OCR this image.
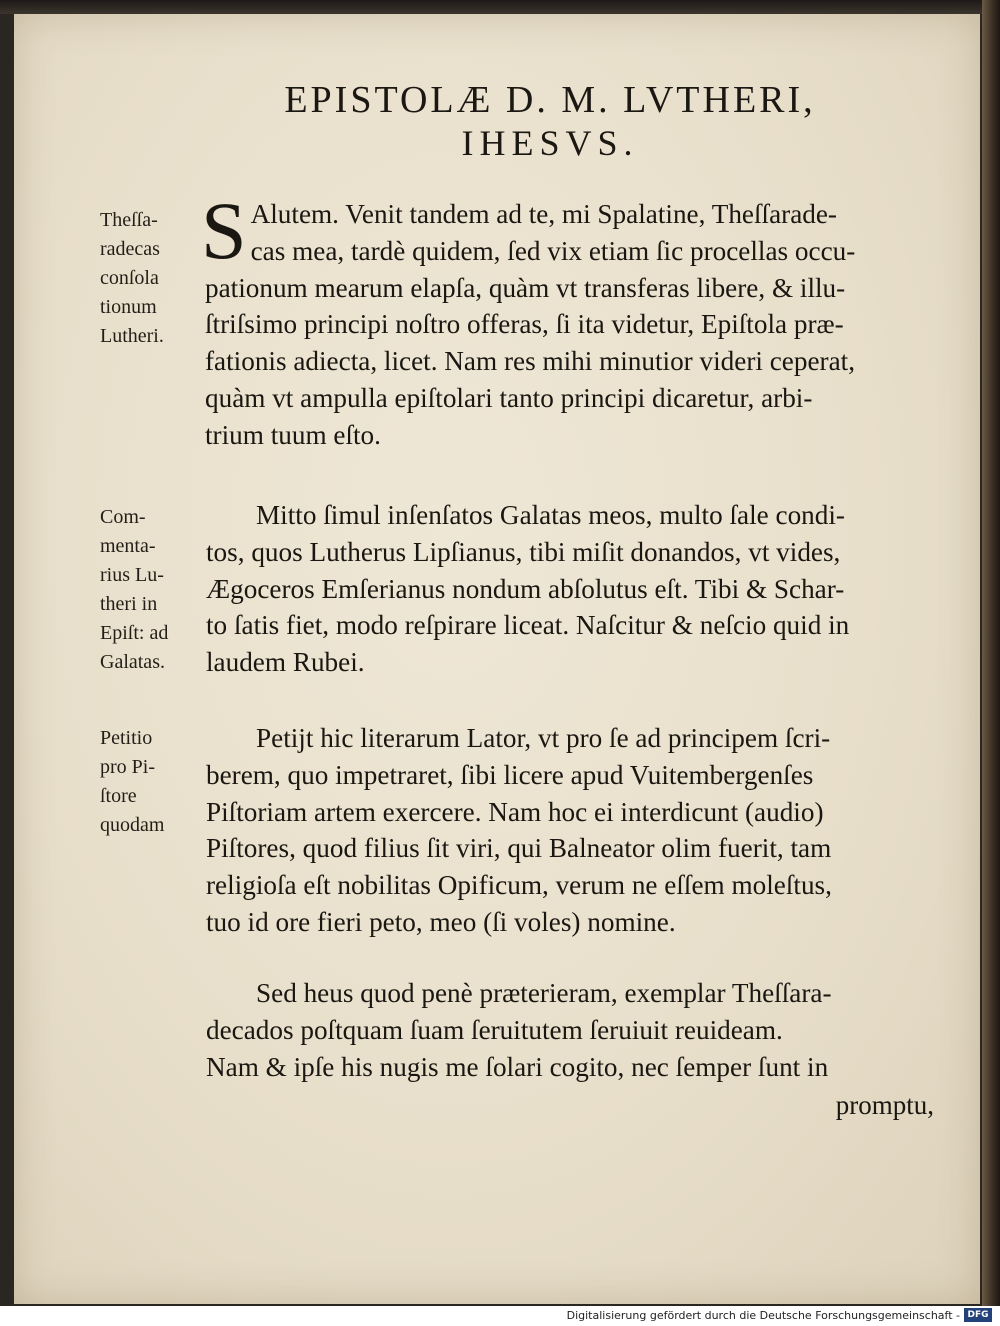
EPISTOLÆ D. M. LVTHERI,
IHESVS.
Theſſa-
radecas
conſola
tionum
Lutheri.
Com-
menta-
rius Lu-
theri in
Epiſt: ad
Galatas.
Petitio
pro Pi-
ſtore
quodam
S Alutem. Venit tandem ad te, mi Spalatine, Theſſarade-
cas mea, tardè quidem, ſed vix etiam ſic procellas occu-
pationum mearum elapſa, quàm vt transferas libere, & illu-
ſtriſsimo principi noſtro offeras, ſi ita videtur, Epiſtola præ-
fationis adiecta, licet. Nam res mihi minutior videri ceperat,
quàm vt ampulla epiſtolari tanto principi dicaretur, arbi-
trium tuum eſto.
Mitto ſimul inſenſatos Galatas meos, multo ſale condi-
tos, quos Lutherus Lipſianus, tibi miſit donandos, vt vides,
Ægoceros Emſerianus nondum abſolutus eſt. Tibi & Schar-
to ſatis fiet, modo reſpirare liceat. Naſcitur & neſcio quid in
laudem Rubei.
Petijt hic literarum Lator, vt pro ſe ad principem ſcri-
berem, quo impetraret, ſibi licere apud Vuitembergenſes
Piſtoriam artem exercere. Nam hoc ei interdicunt (audio)
Piſtores, quod filius ſit viri, qui Balneator olim fuerit, tam
religioſa eſt nobilitas Opificum, verum ne eſſem moleſtus,
tuo id ore fieri peto, meo (ſi voles) nomine.
Sed heus quod penè præterieram, exemplar Theſſara-
decados poſtquam ſuam ſeruitutem ſeruiuit reuideam.
Nam & ipſe his nugis me ſolari cogito, nec ſemper ſunt in
promptu,
Digitalisierung gefördert durch die Deutsche Forschungsgemeinschaft - DFG
